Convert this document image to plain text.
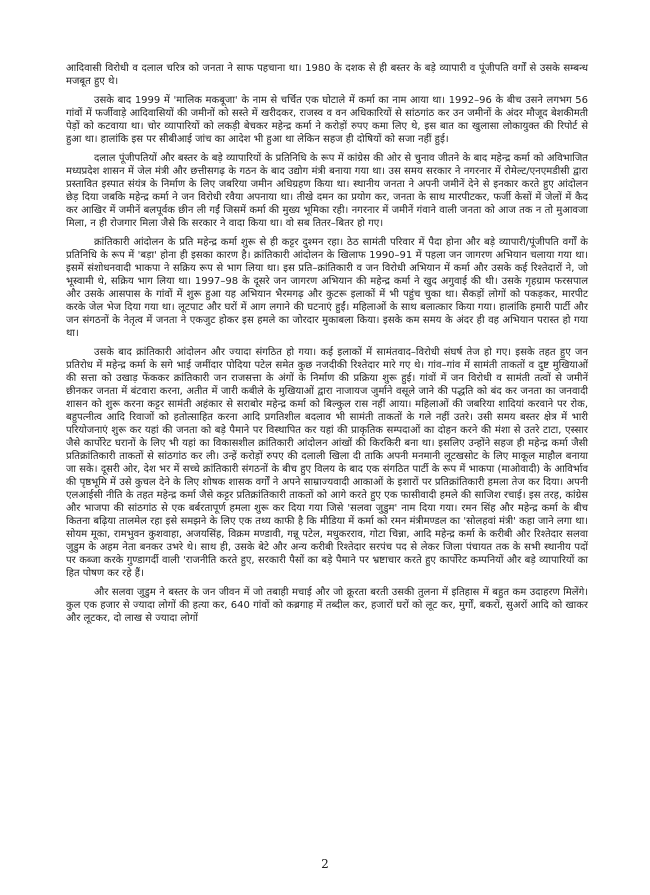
आदिवासी विरोधी व दलाल चरित्र को जनता ने साफ पहचाना था। 1980 के दशक से ही बस्तर के बड़े व्यापारी व पूंजीपति वर्गों से उसके सम्बन्ध मजबूत हुए थे।

उसके बाद 1999 में 'मालिक मकबूजा' के नाम से चर्चित एक घोटाले में कर्मा का नाम आया था। 1992–96 के बीच उसने लगभग 56 गांवों में फर्जीवाड़े आदिवासियों की जमीनों को सस्ते में खरीदकर, राजस्व व वन अधिकारियों से सांठगांठ कर उन जमीनों के अंदर मौजूद बेशकीमती पेड़ों को कटवाया था। चोर व्यापारियों को लकड़ी बेचकर महेन्द्र कर्मा ने करोड़ों रुपए कमा लिए थे, इस बात का खुलासा लोकायुक्त की रिपोर्ट से हुआ था। हालांकि इस पर सीबीआई जांच का आदेश भी हुआ था लेकिन सहज ही दोषियों को सजा नहीं हुई।

दलाल पूंजीपतियों और बस्तर के बड़े व्यापारियों के प्रतिनिधि के रूप में कांग्रेस की ओर से चुनाव जीतने के बाद महेन्द्र कर्मा को अविभाजित मध्यप्रदेश शासन में जेल मंत्री और छत्तीसगढ़ के गठन के बाद उद्योग मंत्री बनाया गया था। उस समय सरकार ने नगरनार में रोमेल्ट/एनएमडीसी द्वारा प्रस्तावित इस्पात संयंत्र के निर्माण के लिए जबरिया जमीन अधिग्रहण किया था। स्थानीय जनता ने अपनी जमीनें देने से इनकार करते हुए आंदोलन छेड़ दिया जबकि महेन्द्र कर्मा ने जन विरोधी रवैया अपनाया था। तीखे दमन का प्रयोग कर, जनता के साथ मारपीटकर, फर्जी केसों में जेलों में कैद कर आखिर में जमीनें बलपूर्वक छीन ली गईं जिसमें कर्मा की मुख्य भूमिका रही। नगरनार में जमीनें गंवाने वाली जनता को आज तक न तो मुआवजा मिला, न ही रोजगार मिला जैसे कि सरकार ने वादा किया था। वो सब तितर–बितर हो गए।

क्रांतिकारी आंदोलन के प्रति महेन्द्र कर्मा शुरू से ही कट्टर दुश्मन रहा। ठेठ सामंती परिवार में पैदा होना और बड़े व्यापारी/पूंजीपति वर्गों के प्रतिनिधि के रूप में 'बड़ा' होना ही इसका कारण है। क्रांतिकारी आंदोलन के खिलाफ 1990–91 में पहला जन जागरण अभियान चलाया गया था। इसमें संशोधनवादी भाकपा ने सक्रिय रूप से भाग लिया था। इस प्रति–क्रांतिकारी व जन विरोधी अभियान में कर्मा और उसके कई रिश्तेदारों ने, जो भूस्वामी थे, सक्रिय भाग लिया था। 1997–98 के दूसरे जन जागरण अभियान की महेन्द्र कर्मा ने खुद अगुवाई की थी। उसके गृहग्राम फरसपाल और उसके आसपास के गांवों में शुरू हुआ यह अभियान भैरमगढ़ और कुटरू इलाकों में भी पहुंच चुका था। सैकड़ों लोगों को पकड़कर, मारपीट करके जेल भेज दिया गया था। लूटपाट और घरों में आग लगाने की घटनाएं हुईं। महिलाओं के साथ बलात्कार किया गया। हालांकि हमारी पार्टी और जन संगठनों के नेतृत्व में जनता ने एकजुट होकर इस हमले का जोरदार मुकाबला किया। इसके कम समय के अंदर ही वह अभियान परास्त हो गया था।

उसके बाद क्रांतिकारी आंदोलन और ज्यादा संगठित हो गया। कई इलाकों में सामंतवाद–विरोधी संघर्ष तेज हो गए। इसके तहत हुए जन प्रतिरोध में महेन्द्र कर्मा के सगे भाई जमींदार पोदिया पटेल समेत कुछ नजदीकी रिश्तेदार मारे गए थे। गांव–गांव में सामंती ताकतों व दुष्ट मुखियाओं की सत्ता को उखाड़ फेंककर क्रांतिकारी जन राजसत्ता के अंगों के निर्माण की प्रक्रिया शुरू हुई। गांवों में जन विरोधी व सामंती तत्वों से जमीनें छीनकर जनता में बंटवारा करना, अतीत में जारी कबीले के मुखियाओं द्वारा नाजायज जुर्माने वसूले जाने की पद्धति को बंद कर जनता का जनवादी शासन को शुरू करना कट्टर सामंती अहंकार से सराबोर महेन्द्र कर्मा को बिल्कुल रास नहीं आया। महिलाओं की जबरिया शादियां करवाने पर रोक, बहुपत्नीत्व आदि रिवाजों को हतोत्साहित करना आदि प्रगतिशील बदलाव भी सामंती ताकतों के गले नहीं उतरे। उसी समय बस्तर क्षेत्र में भारी परियोजनाएं शुरू कर यहां की जनता को बड़े पैमाने पर विस्थापित कर यहां की प्राकृतिक सम्पदाओं का दोहन करने की मंशा से उतरे टाटा, एस्सार जैसे कार्पोरेट घरानों के लिए भी यहां का विकासशील क्रांतिकारी आंदोलन आंखों की किरकिरी बना था। इसलिए उन्होंने सहज ही महेन्द्र कर्मा जैसी प्रतिक्रांतिकारी ताकतों से सांठगांठ कर ली। उन्हें करोड़ों रुपए की दलाली खिला दी ताकि अपनी मनमानी लूटखसोट के लिए माकूल माहौल बनाया जा सके। दूसरी ओर, देश भर में सच्चे क्रांतिकारी संगठनों के बीच हुए विलय के बाद एक संगठित पार्टी के रूप में भाकपा (माओवादी) के आविर्भाव की पृष्ठभूमि में उसे कुचल देने के लिए शोषक शासक वर्गों ने अपने साम्राज्यवादी आकाओं के इशारों पर प्रतिक्रांतिकारी हमला तेज कर दिया। अपनी एलआईसी नीति के तहत महेन्द्र कर्मा जैसे कट्टर प्रतिक्रांतिकारी ताकतों को आगे करते हुए एक फासीवादी हमले की साजिश रचाई। इस तरह, कांग्रेस और भाजपा की सांठगांठ से एक बर्बरतापूर्ण हमला शुरू कर दिया गया जिसे 'सलवा जुडुम' नाम दिया गया। रमन सिंह और महेन्द्र कर्मा के बीच कितना बढ़िया तालमेल रहा इसे समझने के लिए एक तथ्य काफी है कि मीडिया में कर्मा को रमन मंत्रीमण्डल का 'सोलहवां मंत्री' कहा जाने लगा था। सोयम मूका, रामभुवन कुशवाहा, अजयसिंह, विक्रम मण्डावी, गन्नू पटेल, मधुकरराव, गोटा चिन्ना, आदि महेन्द्र कर्मा के करीबी और रिश्तेदार सलवा जुडुम के अहम नेता बनकर उभरे थे। साथ ही, उसके बेटे और अन्य करीबी रिश्तेदार सरपंच पद से लेकर जिला पंचायत तक के सभी स्थानीय पदों पर कब्जा करके गुण्डागर्दी वाली 'राजनीति करते हुए, सरकारी पैसों का बड़े पैमाने पर भ्रष्टाचार करते हुए कार्पोरेट कम्पनियों और बड़े व्यापारियों का हित पोषण कर रहे हैं।

और सलवा जुडुम ने बस्तर के जन जीवन में जो तबाही मचाई और जो क्रूरता बरती उसकी तुलना में इतिहास में बहुत कम उदाहरण मिलेंगे। कुल एक हजार से ज्यादा लोगों की हत्या कर, 640 गांवों को कब्रगाह में तब्दील कर, हजारों घरों को लूट कर, मुर्गों, बकरों, सुअरों आदि को खाकर और लूटकर, दो लाख से ज्यादा लोगों

2
